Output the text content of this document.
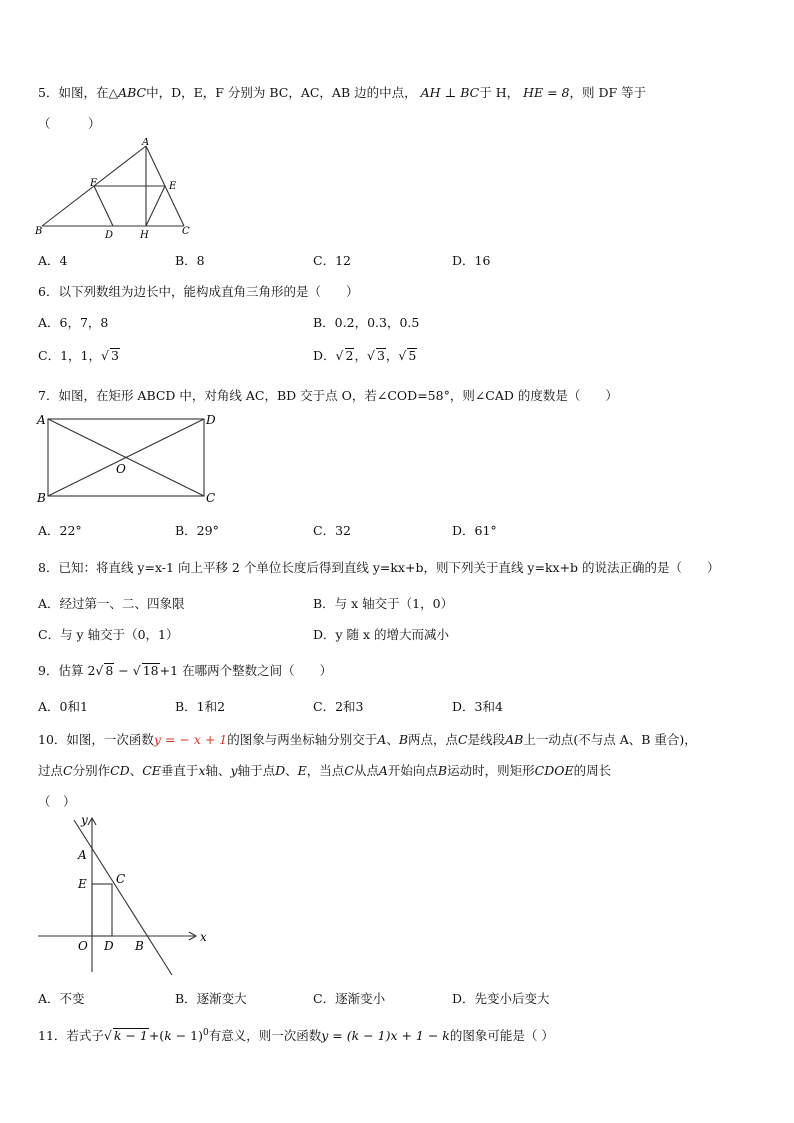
5．如图，在△ABC中，D，E，F 分别为 BC，AC，AB 边的中点， AH ⊥ BC于 H， HE = 8，则 DF 等于
（　　　）
A
F	E
B	D	H	C
A．4	B．8	C．12	D．16
6．以下列数组为边长中，能构成直角三角形的是（　　）
A．6，7，8	B．0.2，0.3，0.5
C．1，1，√ 3	D．√ 2，√ 3，√ 5
7．如图，在矩形 ABCD 中，对角线 AC，BD 交于点 O，若∠COD=58°，则∠CAD 的度数是（　　）
A	D
O
B	C
A．22°	B．29°	C．32	D．61°
8．已知：将直线 y=x-1 向上平移 2 个单位长度后得到直线 y=kx+b，则下列关于直线 y=kx+b 的说法正确的是（　　）
A．经过第一、二、四象限	B．与 x 轴交于（1，0）
C．与 y 轴交于（0，1）	D．y 随 x 的增大而减小
9．估算 2√ 8 − √ 18+1 在哪两个整数之间（　　）
A．0和1	B．1和2	C．2和3	D．3和4
10．如图，一次函数y = − x + 1的图象与两坐标轴分别交于A、B两点，点C是线段AB上一动点(不与点 A、B 重合)，
过点C分别作CD、CE垂直于x轴、y轴于点D、E，当点C从点A开始向点B运动时，则矩形CDOE的周长
（　）
y
A
E C
O D B
x
A．不变	B．逐渐变大	C．逐渐变小	D．先变小后变大
11．若式子√ $k - 1+(k - 1)^0$有意义，则一次函数y = (k − 1)x + 1 − k的图象可能是（ ）
